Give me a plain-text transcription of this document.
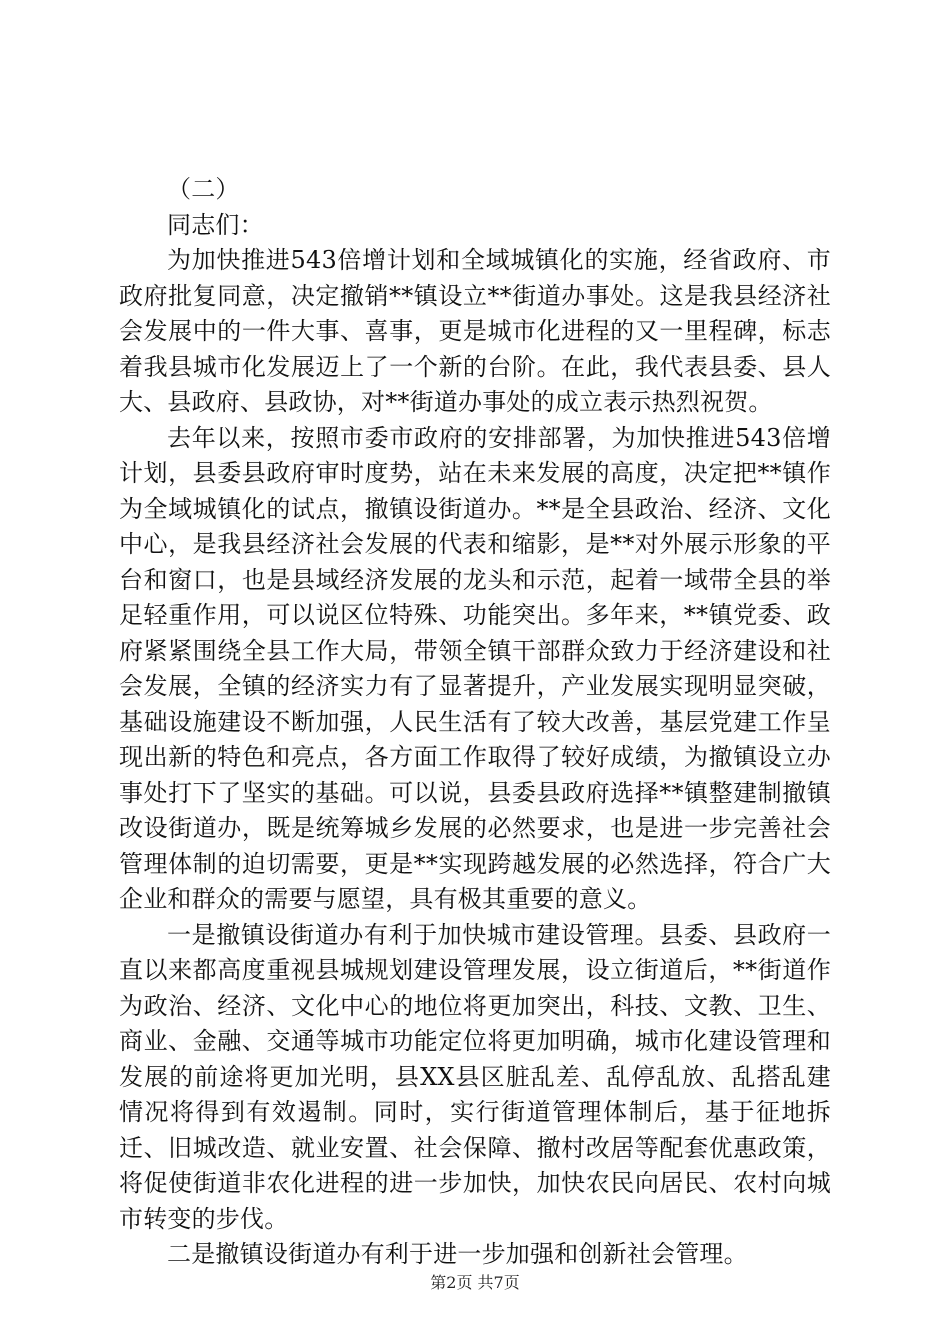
（二）

同志们：

为加快推进543倍增计划和全域城镇化的实施，经省政府、市政府批复同意，决定撤销**镇设立**街道办事处。这是我县经济社会发展中的一件大事、喜事，更是城市化进程的又一里程碑，标志着我县城市化发展迈上了一个新的台阶。在此，我代表县委、县人大、县政府、县政协，对**街道办事处的成立表示热烈祝贺。

去年以来，按照市委市政府的安排部署，为加快推进543倍增计划，县委县政府审时度势，站在未来发展的高度，决定把**镇作为全域城镇化的试点，撤镇设街道办。**是全县政治、经济、文化中心，是我县经济社会发展的代表和缩影，是**对外展示形象的平台和窗口，也是县域经济发展的龙头和示范，起着一域带全县的举足轻重作用，可以说区位特殊、功能突出。多年来，**镇党委、政府紧紧围绕全县工作大局，带领全镇干部群众致力于经济建设和社会发展，全镇的经济实力有了显著提升，产业发展实现明显突破，基础设施建设不断加强，人民生活有了较大改善，基层党建工作呈现出新的特色和亮点，各方面工作取得了较好成绩，为撤镇设立办事处打下了坚实的基础。可以说，县委县政府选择**镇整建制撤镇改设街道办，既是统筹城乡发展的必然要求，也是进一步完善社会管理体制的迫切需要，更是**实现跨越发展的必然选择，符合广大企业和群众的需要与愿望，具有极其重要的意义。

一是撤镇设街道办有利于加快城市建设管理。县委、县政府一直以来都高度重视县城规划建设管理发展，设立街道后，**街道作为政治、经济、文化中心的地位将更加突出，科技、文教、卫生、商业、金融、交通等城市功能定位将更加明确，城市化建设管理和发展的前途将更加光明，县XX县区脏乱差、乱停乱放、乱搭乱建情况将得到有效遏制。同时，实行街道管理体制后，基于征地拆迁、旧城改造、就业安置、社会保障、撤村改居等配套优惠政策，将促使街道非农化进程的进一步加快，加快农民向居民、农村向城市转变的步伐。

二是撤镇设街道办有利于进一步加强和创新社会管理。

第2页 共7页
